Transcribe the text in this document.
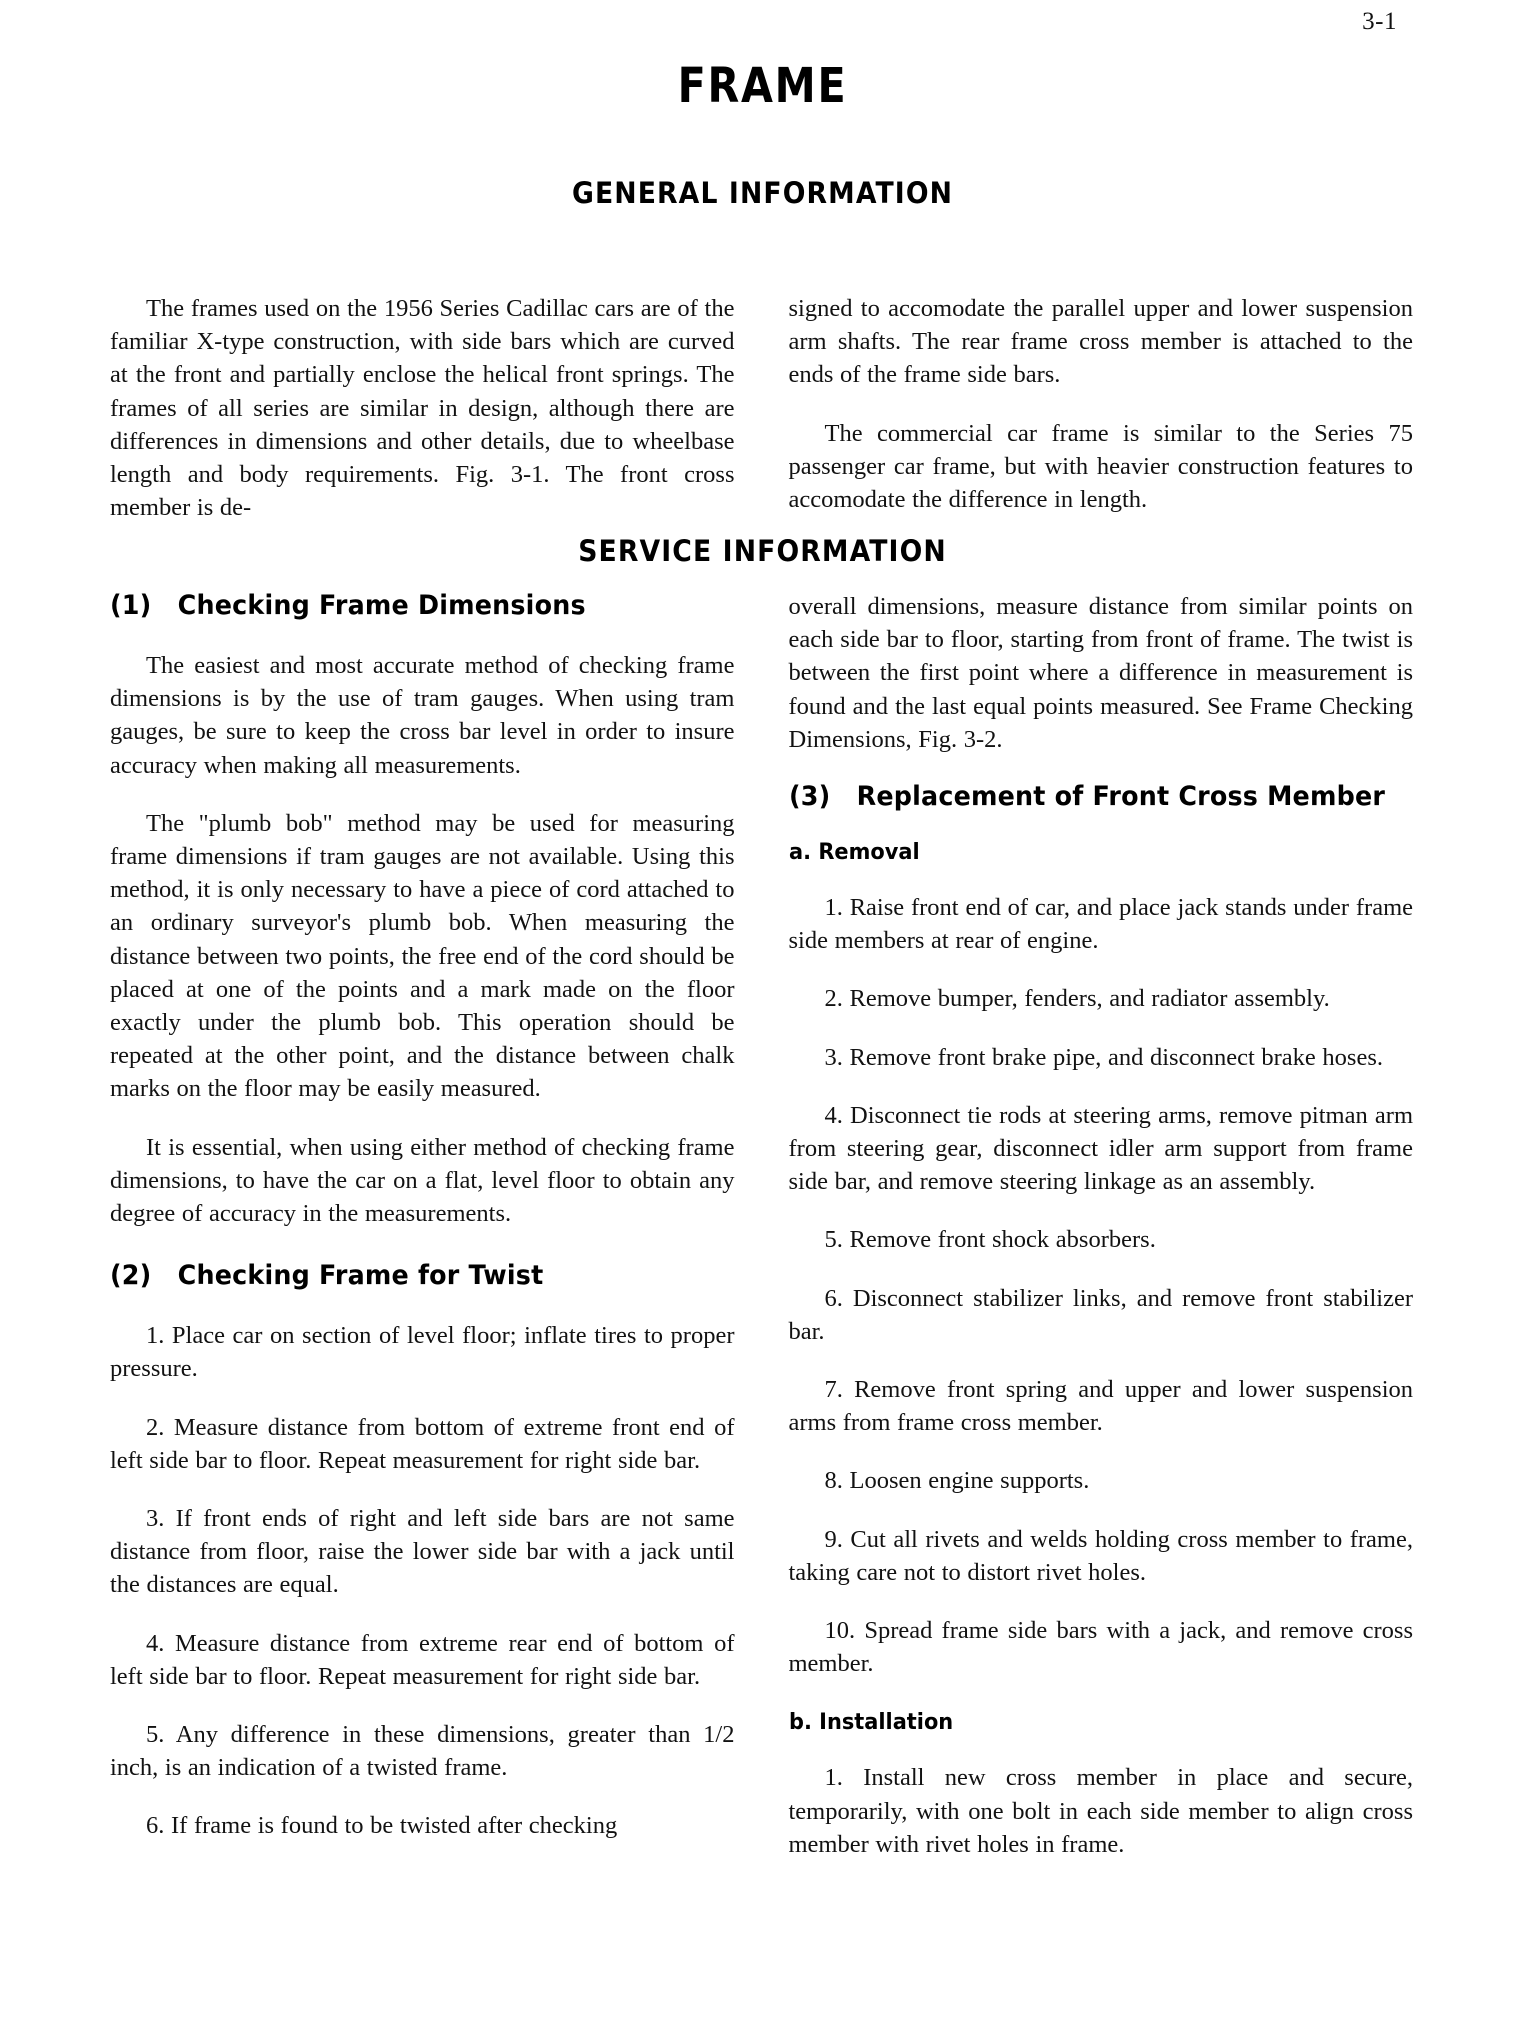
3-1
FRAME
GENERAL INFORMATION

The frames used on the 1956 Series Cadillac cars are of the familiar X-type construction, with side bars which are curved at the front and partially enclose the helical front springs. The frames of all series are similar in design, although there are differences in dimensions and other details, due to wheelbase length and body requirements. Fig. 3-1. The front cross member is de-

signed to accomodate the parallel upper and lower suspension arm shafts. The rear frame cross member is attached to the ends of the frame side bars.

The commercial car frame is similar to the Series 75 passenger car frame, but with heavier construction features to accomodate the difference in length.

SERVICE INFORMATION
(1) Checking Frame Dimensions

The easiest and most accurate method of checking frame dimensions is by the use of tram gauges. When using tram gauges, be sure to keep the cross bar level in order to insure accuracy when making all measurements.

The "plumb bob" method may be used for measuring frame dimensions if tram gauges are not available. Using this method, it is only necessary to have a piece of cord attached to an ordinary surveyor's plumb bob. When measuring the distance between two points, the free end of the cord should be placed at one of the points and a mark made on the floor exactly under the plumb bob. This operation should be repeated at the other point, and the distance between chalk marks on the floor may be easily measured.

It is essential, when using either method of checking frame dimensions, to have the car on a flat, level floor to obtain any degree of accuracy in the measurements.

(2) Checking Frame for Twist

1. Place car on section of level floor; inflate tires to proper pressure.

2. Measure distance from bottom of extreme front end of left side bar to floor. Repeat measurement for right side bar.

3. If front ends of right and left side bars are not same distance from floor, raise the lower side bar with a jack until the distances are equal.

4. Measure distance from extreme rear end of bottom of left side bar to floor. Repeat measurement for right side bar.

5. Any difference in these dimensions, greater than 1/2 inch, is an indication of a twisted frame.

6. If frame is found to be twisted after checking

overall dimensions, measure distance from similar points on each side bar to floor, starting from front of frame. The twist is between the first point where a difference in measurement is found and the last equal points measured. See Frame Checking Dimensions, Fig. 3-2.

(3) Replacement of Front Cross Member
a. Removal

1. Raise front end of car, and place jack stands under frame side members at rear of engine.

2. Remove bumper, fenders, and radiator assembly.

3. Remove front brake pipe, and disconnect brake hoses.

4. Disconnect tie rods at steering arms, remove pitman arm from steering gear, disconnect idler arm support from frame side bar, and remove steering linkage as an assembly.

5. Remove front shock absorbers.

6. Disconnect stabilizer links, and remove front stabilizer bar.

7. Remove front spring and upper and lower suspension arms from frame cross member.

8. Loosen engine supports.

9. Cut all rivets and welds holding cross member to frame, taking care not to distort rivet holes.

10. Spread frame side bars with a jack, and remove cross member.

b. Installation

1. Install new cross member in place and secure, temporarily, with one bolt in each side member to align cross member with rivet holes in frame.
